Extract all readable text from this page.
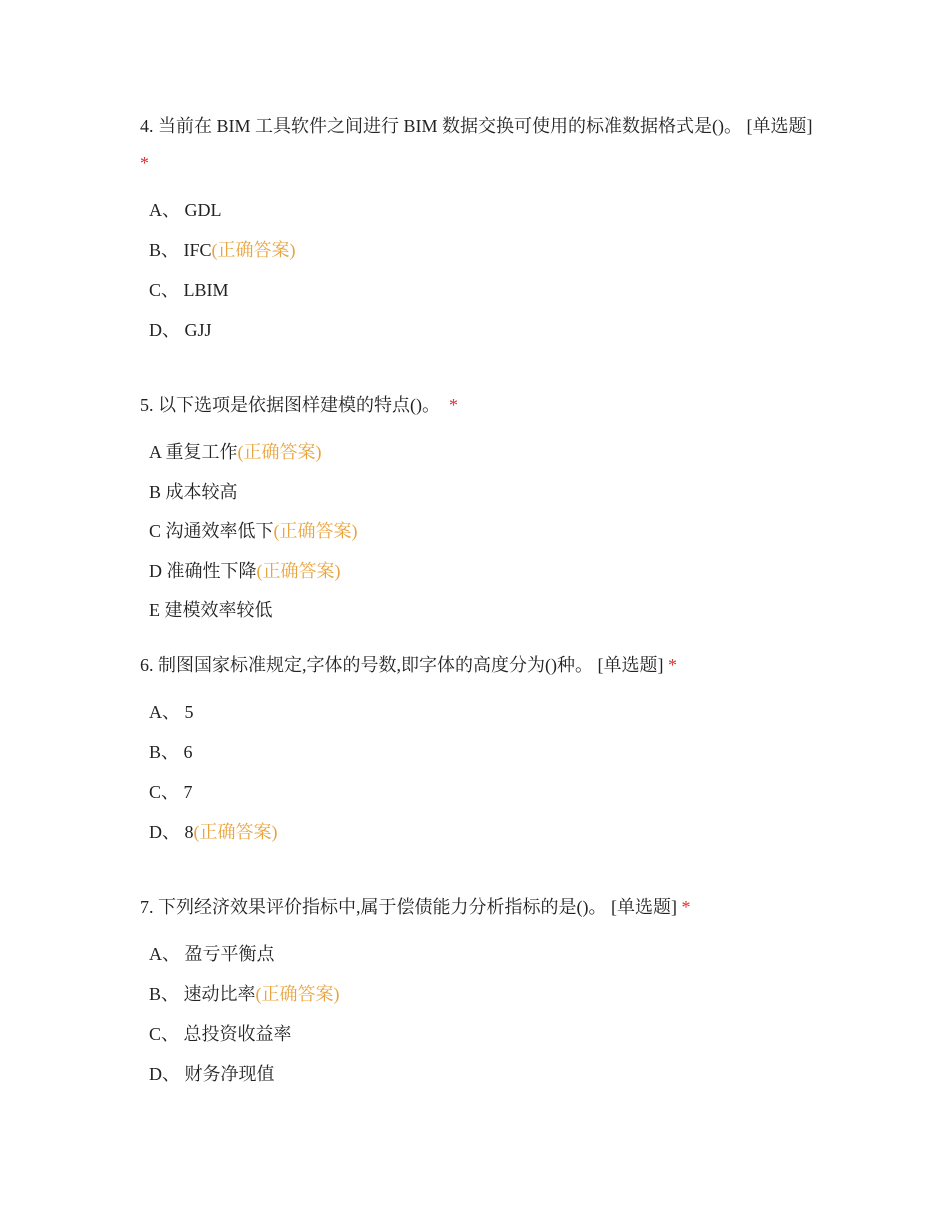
4. 当前在 BIM 工具软件之间进行 BIM 数据交换可使用的标准数据格式是()。 [单选题] *

A、 GDL
B、 IFC(正确答案)
C、 LBIM
D、 GJJ

5. 以下选项是依据图样建模的特点()。 *

A 重复工作(正确答案)
B 成本较高
C 沟通效率低下(正确答案)
D 准确性下降(正确答案)
E 建模效率较低

6. 制图国家标准规定,字体的号数,即字体的高度分为()种。 [单选题] *

A、 5
B、 6
C、 7
D、 8(正确答案)

7. 下列经济效果评价指标中,属于偿债能力分析指标的是()。 [单选题] *

A、 盈亏平衡点
B、 速动比率(正确答案)
C、 总投资收益率
D、 财务净现值
